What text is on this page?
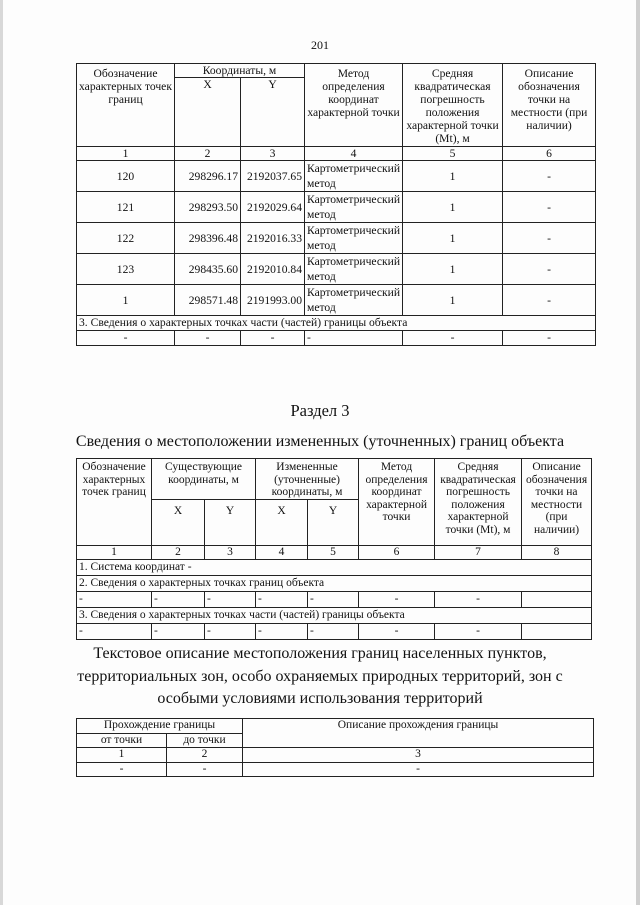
201
Обозначение характерных точек границ	Координаты, м		Метод определения координат характерной точки	Средняя квадратическая погрешность положения характерной точки (Mt), м	Описание обозначения точки на местности (при наличии)
	X	Y			
1	2	3	4	5	6
120	298296.17	2192037.65	Картометрический метод	1	-
121	298293.50	2192029.64	Картометрический метод	1	-
122	298396.48	2192016.33	Картометрический метод	1	-
123	298435.60	2192010.84	Картометрический метод	1	-
1	298571.48	2191993.00	Картометрический метод	1	-
3. Сведения о характерных точках части (частей) границы объекта					
-	-	-	-	-	-
Раздел 3
Сведения о местоположении измененных (уточненных) границ объекта
Обозначение характерных точек границ	Существующие координаты, м		Измененные (уточненные) координаты, м		Метод определения координат характерной точки	Средняя квадратическая погрешность положения характерной точки (Mt), м	Описание обозначения точки на местности (при наличии)
	X	Y	X	Y			
1	2	3	4	5	6	7	8
1. Система координат -							
2. Сведения о характерных точках границ объекта							
-	-	-	-	-	-	-	
3. Сведения о характерных точках части (частей) границы объекта							
-	-	-	-	-	-	-	
Текстовое описание местоположения границ населенных пунктов, территориальных зон, особо охраняемых природных территорий, зон с особыми условиями использования территорий
Прохождение границы		Описание прохождения границы
от точки	до точки	
1	2	3
-	-	-
